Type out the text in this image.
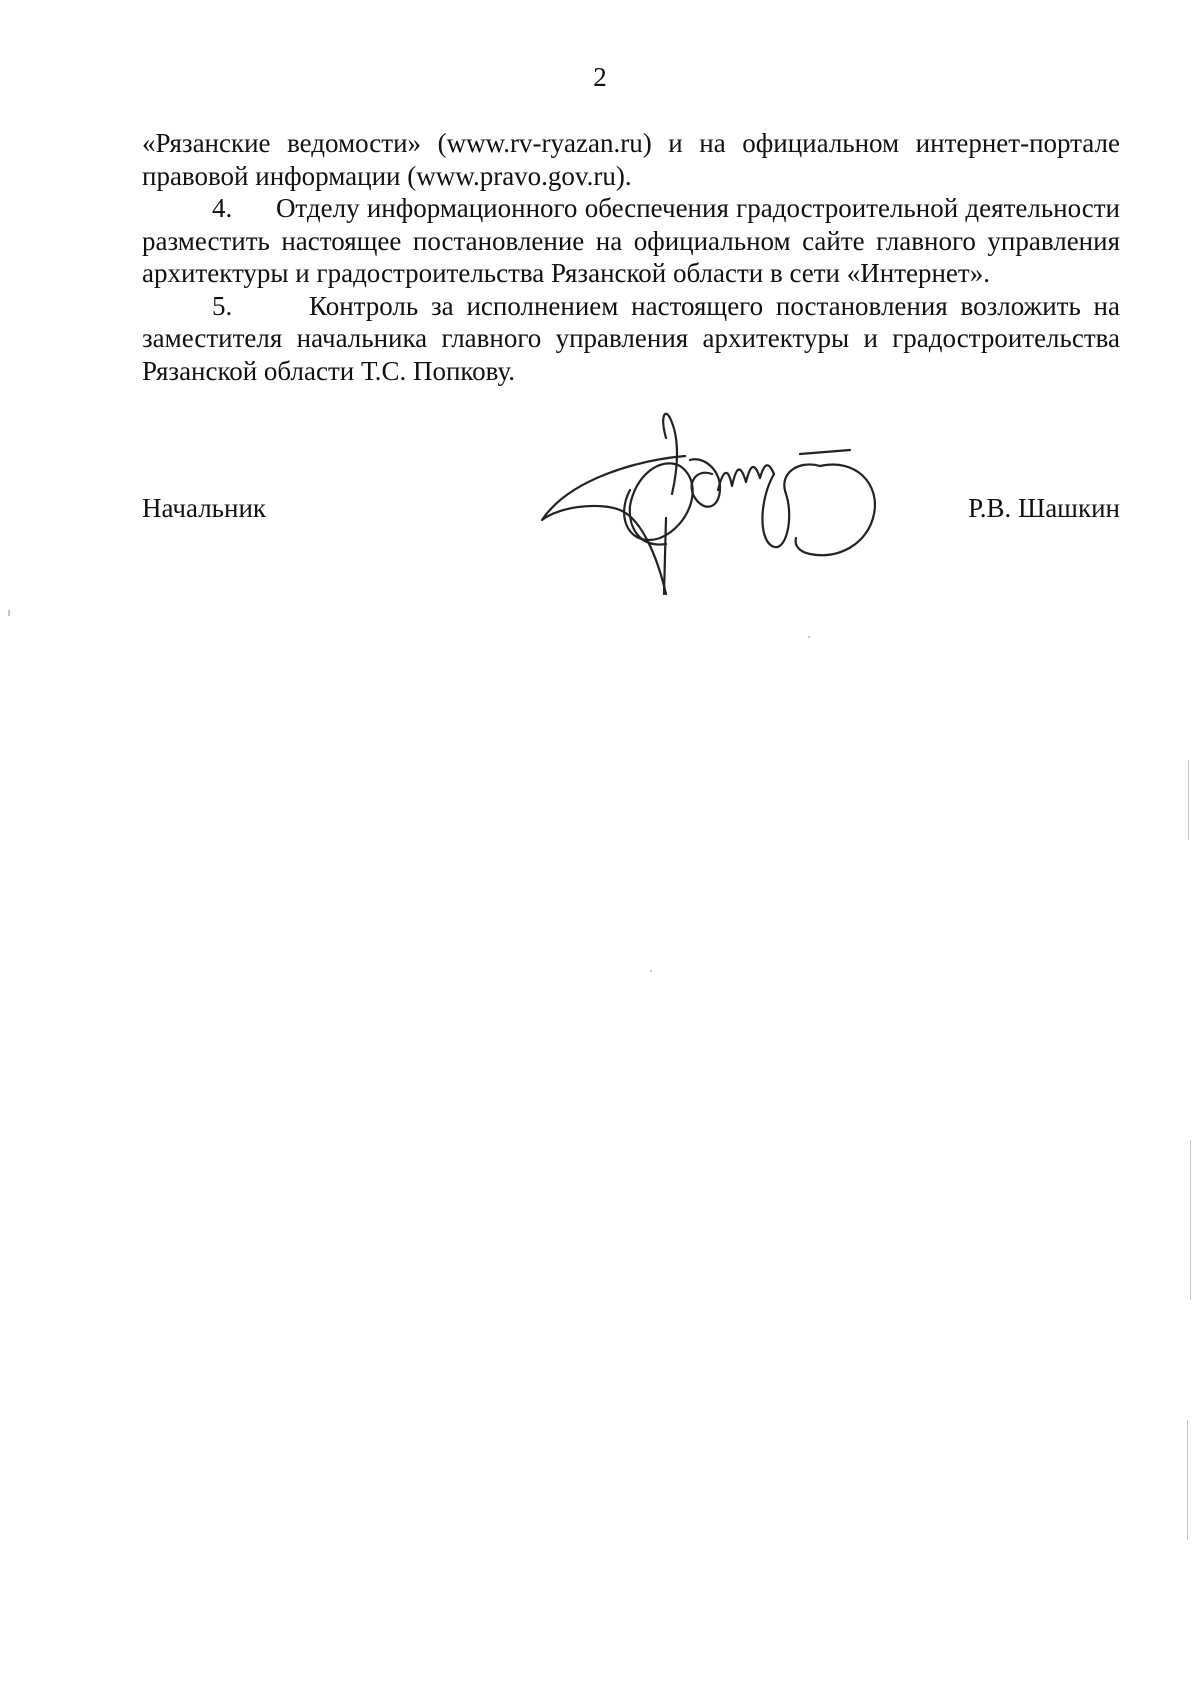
2

«Рязанские ведомости» (www.rv-ryazan.ru) и на официальном интернет-портале правовой информации (www.pravo.gov.ru).

4.      Отделу информационного обеспечения градостроительной деятельности разместить настоящее постановление на официальном сайте главного управления архитектуры и градостроительства Рязанской области в сети «Интернет».

5.      Контроль за исполнением настоящего постановления возложить на заместителя начальника главного управления архитектуры и градостроительства Рязанской области Т.С. Попкову.

Начальник	Р.В. Шашкин
